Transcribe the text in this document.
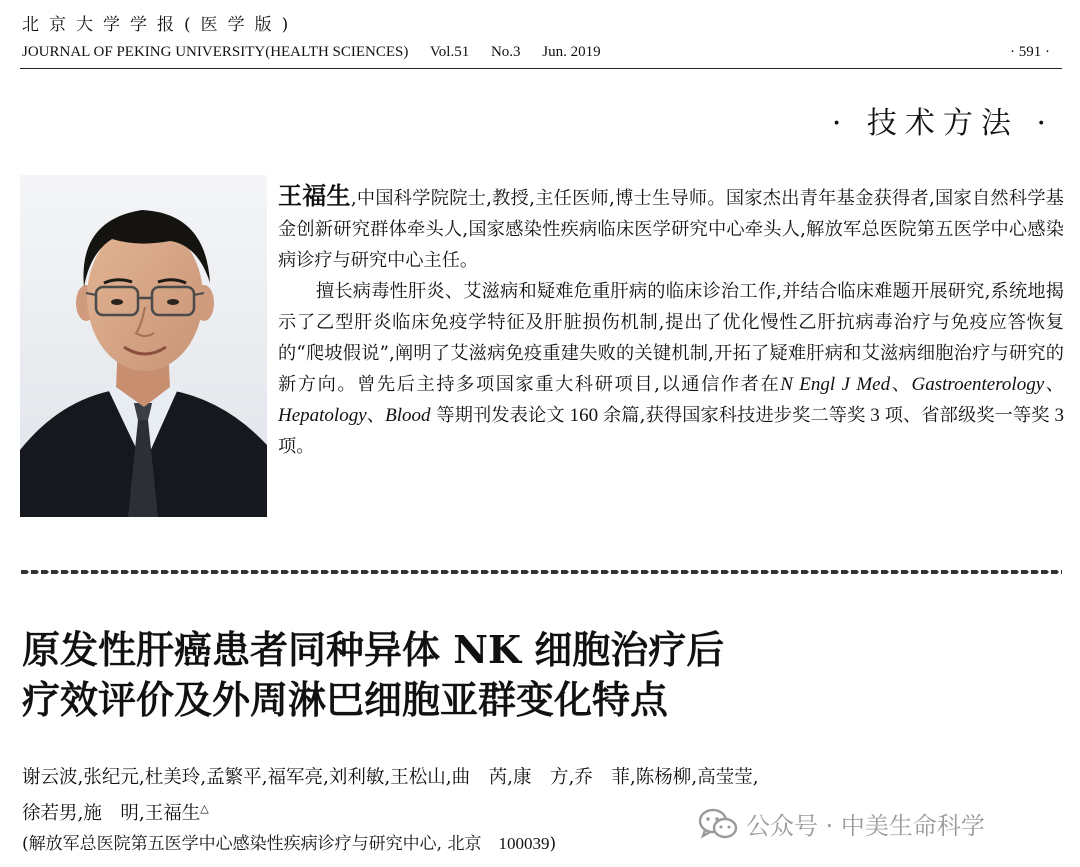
北京大学学报(医学版)
JOURNAL OF PEKING UNIVERSITY(HEALTH SCIENCES) Vol.51 No.3 Jun. 2019	· 591 ·
· 技术方法 ·

王福生,中国科学院院士,教授,主任医师,博士生导师。国家杰出青年基金获得者,国家自然科学基金创新研究群体牵头人,国家感染性疾病临床医学研究中心牵头人,解放军总医院第五医学中心感染病诊疗与研究中心主任。

擅长病毒性肝炎、艾滋病和疑难危重肝病的临床诊治工作,并结合临床难题开展研究,系统地揭示了乙型肝炎临床免疫学特征及肝脏损伤机制,提出了优化慢性乙肝抗病毒治疗与免疫应答恢复的“爬坡假说”,阐明了艾滋病免疫重建失败的关键机制,开拓了疑难肝病和艾滋病细胞治疗与研究的新方向。曾先后主持多项国家重大科研项目,以通信作者在N Engl J Med、Gastroenterology、Hepatology、Blood 等期刊发表论文 160 余篇,获得国家科技进步奖二等奖 3 项、省部级奖一等奖 3 项。

原发性肝癌患者同种异体 NK 细胞治疗后
疗效评价及外周淋巴细胞亚群变化特点
谢云波,张纪元,杜美玲,孟繁平,福军亮,刘利敏,王松山,曲　芮,康　方,乔　菲,陈杨柳,高莹莹,
徐若男,施　明,王福生△
(解放军总医院第五医学中心感染性疾病诊疗与研究中心, 北京　100039)
公众号 · 中美生命科学
